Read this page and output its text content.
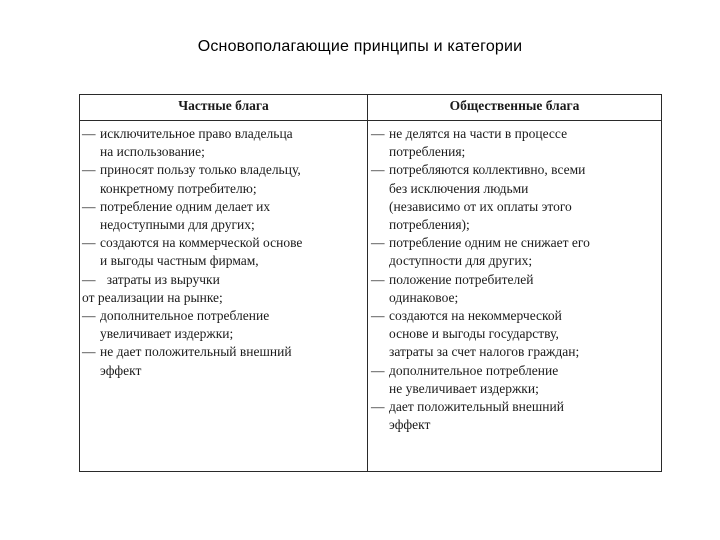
Основополагающие принципы и категории
Частные блага	Общественные блага
— исключительное право владельца
на использование;
— приносят пользу только владельцу,
конкретному потребителю;
— потребление одним делает их
недоступными для других;
— создаются на коммерческой основе
и выгоды частным фирмам,
—  затраты из выручки
от реализации на рынке;
— дополнительное потребление
увеличивает издержки;
— не дает положительный внешний
эффект
— не делятся на части в процессе
потребления;
— потребляются коллективно, всеми
без исключения людьми
(независимо от их оплаты этого
потребления);
— потребление одним не снижает его
доступности для других;
— положение потребителей
одинаковое;
— создаются на некоммерческой
основе и выгоды государству,
затраты за счет налогов граждан;
— дополнительное потребление
не увеличивает издержки;
— дает положительный внешний
эффект
